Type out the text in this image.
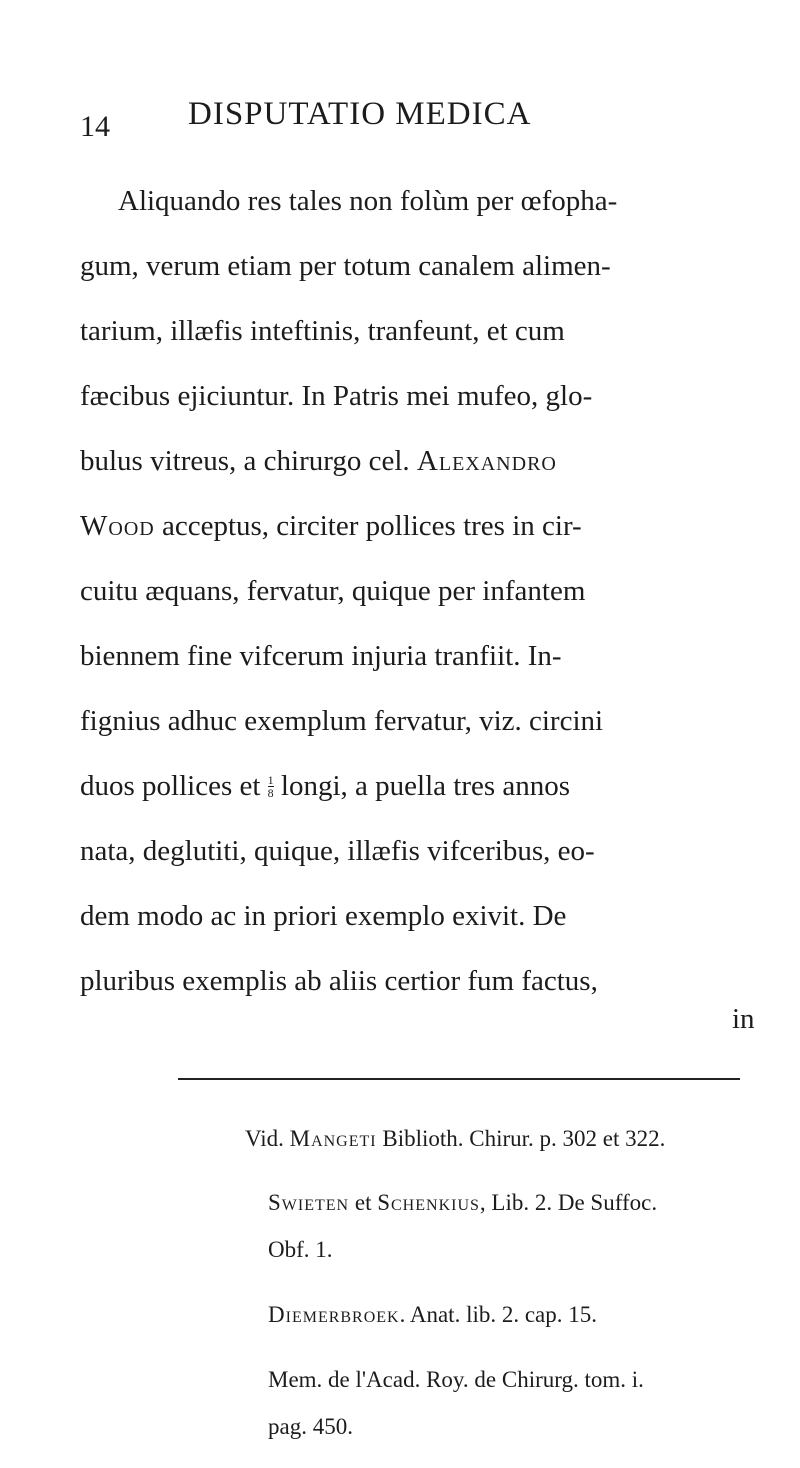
14 DISPUTATIO MEDICA
Aliquando res tales non folùm per œfopha-
gum, verum etiam per totum canalem alimen-
tarium, illæfis inteftinis, tranfeunt, et cum
fæcibus ejiciuntur. In Patris mei mufeo, glo-
bulus vitreus, a chirurgo cel. Alexandro
Wood acceptus, circiter pollices tres in cir-
cuitu æquans, fervatur, quique per infantem
biennem fine vifcerum injuria tranfiit. In-
fignius adhuc exemplum fervatur, viz. circini
duos pollices et $\frac{1}{8}$ longi, a puella tres annos
nata, deglutiti, quique, illæfis vifceribus, eo-
dem modo ac in priori exemplo exivit. De
pluribus exemplis ab aliis certior fum factus,
in
Vid. Mangeti Biblioth. Chirur. p. 302 et 322.
Swieten et Schenkius, Lib. 2. De Suffoc.
Obf. 1.
Diemerbroek. Anat. lib. 2. cap. 15.
Mem. de l'Acad. Roy. de Chirurg. tom. i.
pag. 450.
